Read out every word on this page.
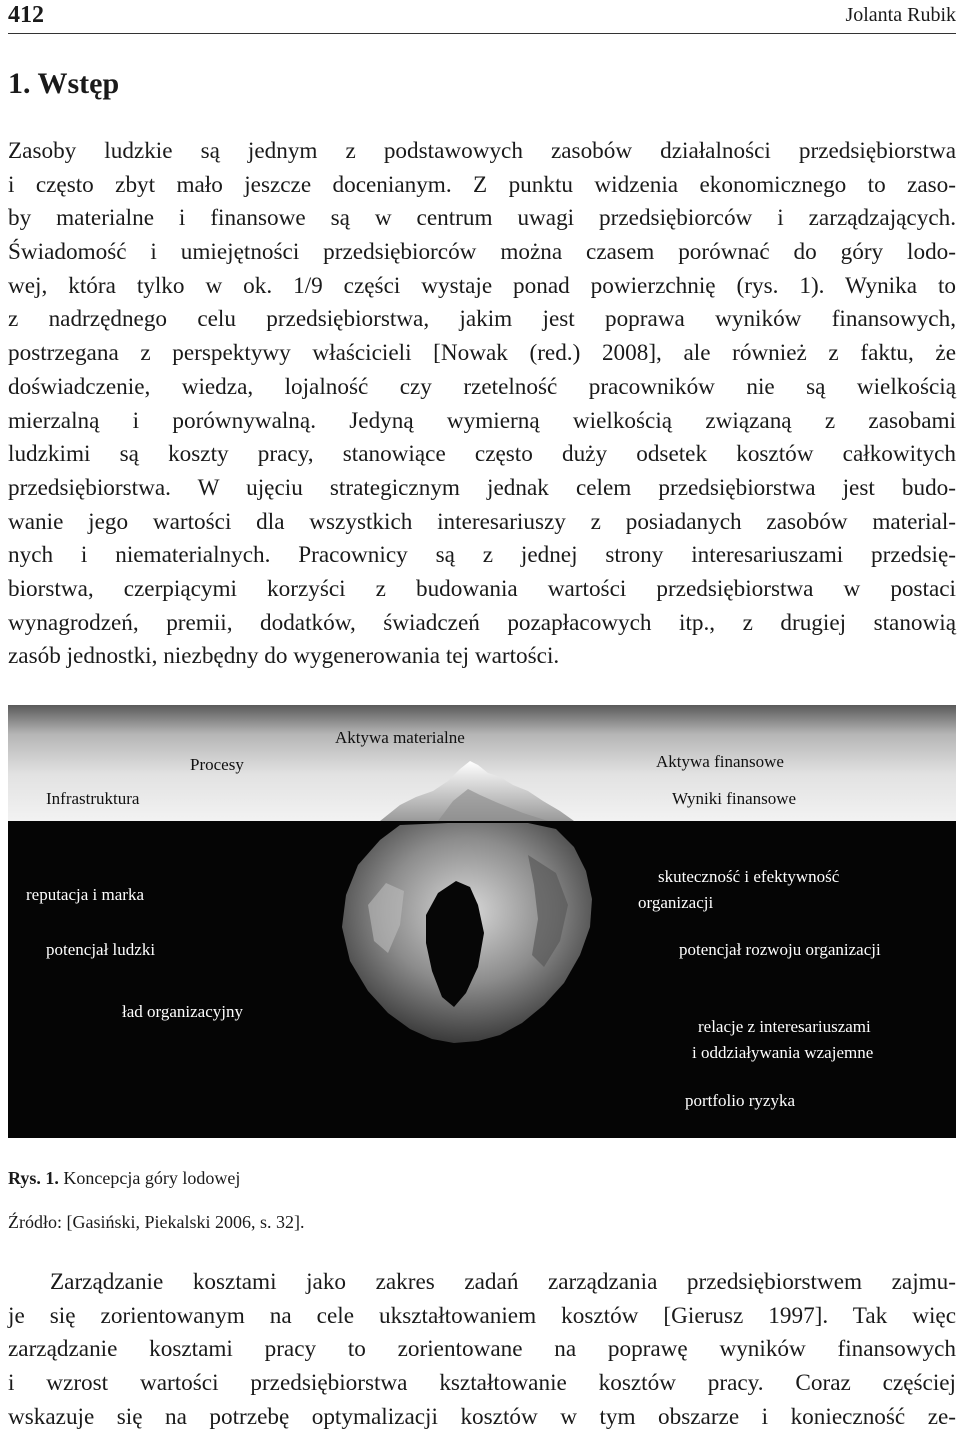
412	Jolanta Rubik
1. Wstęp
Zasoby ludzkie są jednym z podstawowych zasobów działalności przedsiębiorstwa
i często zbyt mało jeszcze docenianym. Z punktu widzenia ekonomicznego to zaso-
by materialne i finansowe są w centrum uwagi przedsiębiorców i zarządzających.
Świadomość i umiejętności przedsiębiorców można czasem porównać do góry lodo-
wej, która tylko w ok. 1/9 części wystaje ponad powierzchnię (rys. 1). Wynika to
z nadrzędnego celu przedsiębiorstwa, jakim jest poprawa wyników finansowych,
postrzegana z perspektywy właścicieli [Nowak (red.) 2008], ale również z faktu, że
doświadczenie, wiedza, lojalność czy rzetelność pracowników nie są wielkością
mierzalną i porównywalną. Jedyną wymierną wielkością związaną z zasobami
ludzkimi są koszty pracy, stanowiące często duży odsetek kosztów całkowitych
przedsiębiorstwa. W ujęciu strategicznym jednak celem przedsiębiorstwa jest budo-
wanie jego wartości dla wszystkich interesariuszy z posiadanych zasobów material-
nych i niematerialnych. Pracownicy są z jednej strony interesariuszami przedsię-
biorstwa, czerpiącymi korzyści z budowania wartości przedsiębiorstwa w postaci
wynagrodzeń, premii, dodatków, świadczeń pozapłacowych itp., z drugiej stanowią
zasób jednostki, niezbędny do wygenerowania tej wartości.
Aktywa materialne
Procesy	Aktywa finansowe
Infrastruktura	Wyniki finansowe
reputacja i marka
skuteczność i efektywność
organizacji
potencjał ludzki	potencjał rozwoju organizacji
ład organizacyjny
relacje z interesariuszami
i oddziaływania wzajemne
portfolio ryzyka
Rys. 1. Koncepcja góry lodowej
Źródło: [Gasiński, Piekalski 2006, s. 32].
Zarządzanie kosztami jako zakres zadań zarządzania przedsiębiorstwem zajmu-
je się zorientowanym na cele ukształtowaniem kosztów [Gierusz 1997]. Tak więc
zarządzanie kosztami pracy to zorientowane na poprawę wyników finansowych
i wzrost wartości przedsiębiorstwa kształtowanie kosztów pracy. Coraz częściej
wskazuje się na potrzebę optymalizacji kosztów w tym obszarze i konieczność ze-
